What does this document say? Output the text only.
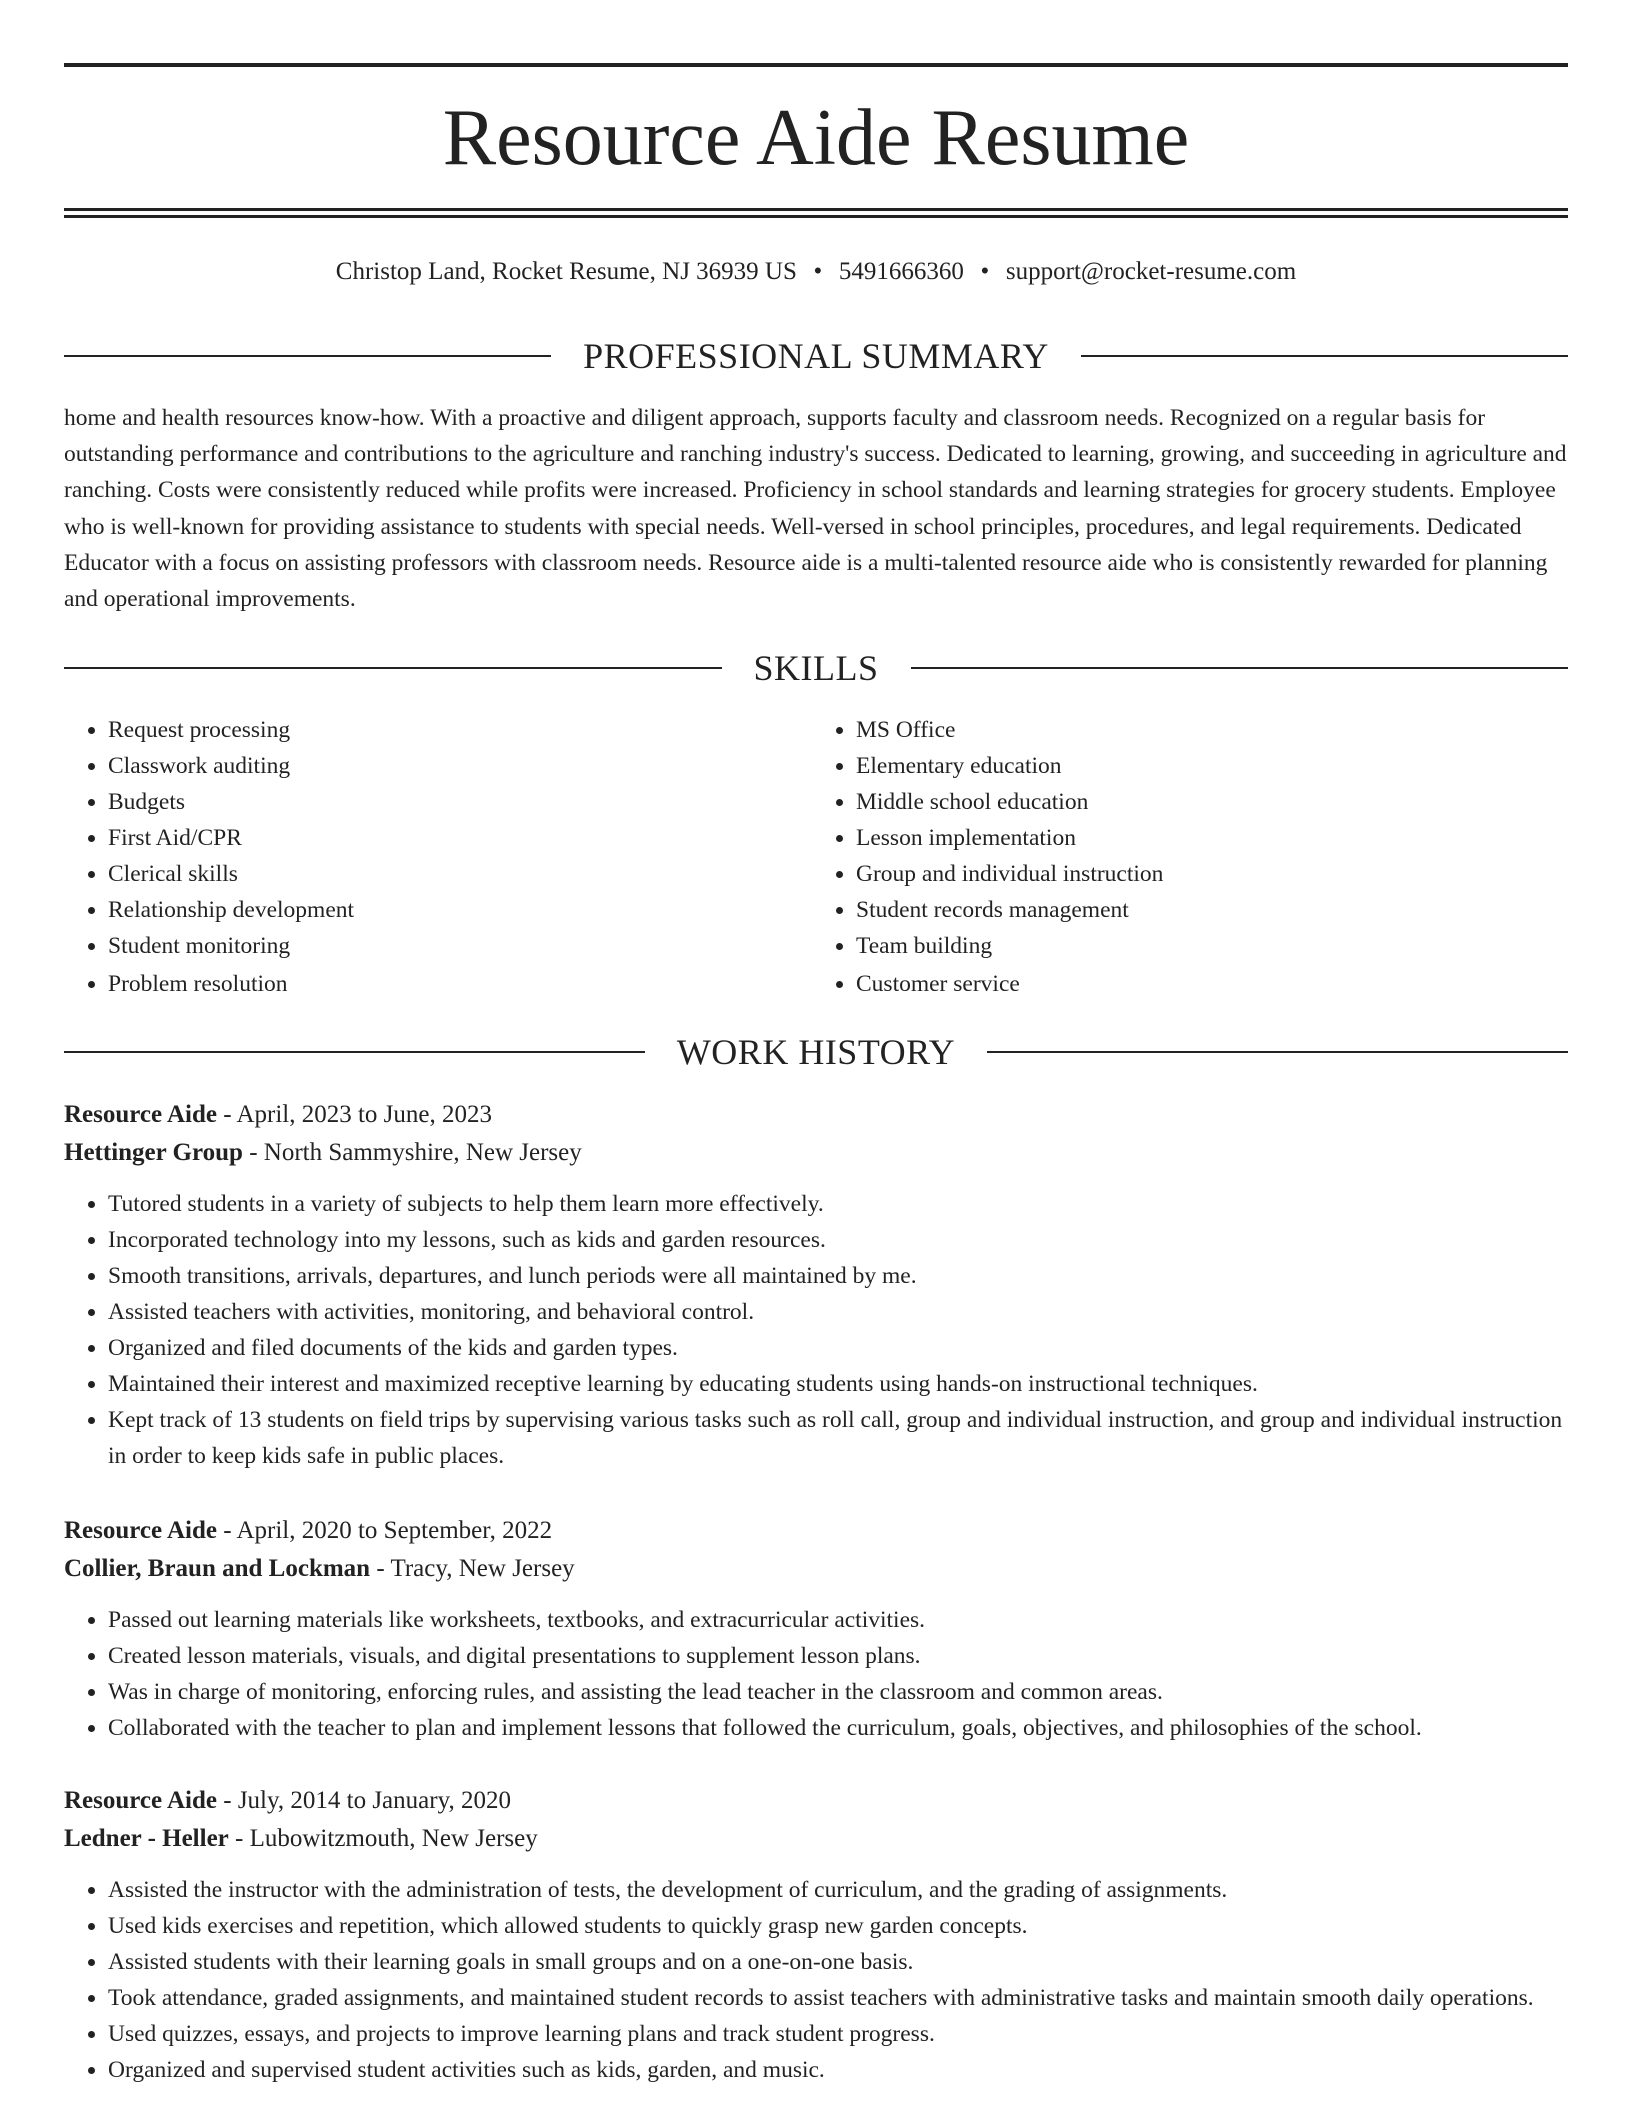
Resource Aide Resume
Christop Land, Rocket Resume, NJ 36939 US • 5491666360 • support@rocket-resume.com
PROFESSIONAL SUMMARY

home and health resources know-how. With a proactive and diligent approach, supports faculty and classroom needs. Recognized on a regular basis for outstanding performance and contributions to the agriculture and ranching industry's success. Dedicated to learning, growing, and succeeding in agriculture and ranching. Costs were consistently reduced while profits were increased. Proficiency in school standards and learning strategies for grocery students. Employee who is well-known for providing assistance to students with special needs. Well-versed in school principles, procedures, and legal requirements. Dedicated Educator with a focus on assisting professors with classroom needs. Resource aide is a multi-talented resource aide who is consistently rewarded for planning and operational improvements.

SKILLS
• Request processing
• Classwork auditing
• Budgets
• First Aid/CPR
• Clerical skills
• Relationship development
• Student monitoring
• Problem resolution
• MS Office
• Elementary education
• Middle school education
• Lesson implementation
• Group and individual instruction
• Student records management
• Team building
• Customer service
WORK HISTORY
Resource Aide - April, 2023 to June, 2023
Hettinger Group - North Sammyshire, New Jersey
• Tutored students in a variety of subjects to help them learn more effectively.
• Incorporated technology into my lessons, such as kids and garden resources.
• Smooth transitions, arrivals, departures, and lunch periods were all maintained by me.
• Assisted teachers with activities, monitoring, and behavioral control.
• Organized and filed documents of the kids and garden types.
• Maintained their interest and maximized receptive learning by educating students using hands-on instructional techniques.
• Kept track of 13 students on field trips by supervising various tasks such as roll call, group and individual instruction, and group and individual instruction in order to keep kids safe in public places.
Resource Aide - April, 2020 to September, 2022
Collier, Braun and Lockman - Tracy, New Jersey
• Passed out learning materials like worksheets, textbooks, and extracurricular activities.
• Created lesson materials, visuals, and digital presentations to supplement lesson plans.
• Was in charge of monitoring, enforcing rules, and assisting the lead teacher in the classroom and common areas.
• Collaborated with the teacher to plan and implement lessons that followed the curriculum, goals, objectives, and philosophies of the school.
Resource Aide - July, 2014 to January, 2020
Ledner - Heller - Lubowitzmouth, New Jersey
• Assisted the instructor with the administration of tests, the development of curriculum, and the grading of assignments.
• Used kids exercises and repetition, which allowed students to quickly grasp new garden concepts.
• Assisted students with their learning goals in small groups and on a one-on-one basis.
• Took attendance, graded assignments, and maintained student records to assist teachers with administrative tasks and maintain smooth daily operations.
• Used quizzes, essays, and projects to improve learning plans and track student progress.
• Organized and supervised student activities such as kids, garden, and music.
